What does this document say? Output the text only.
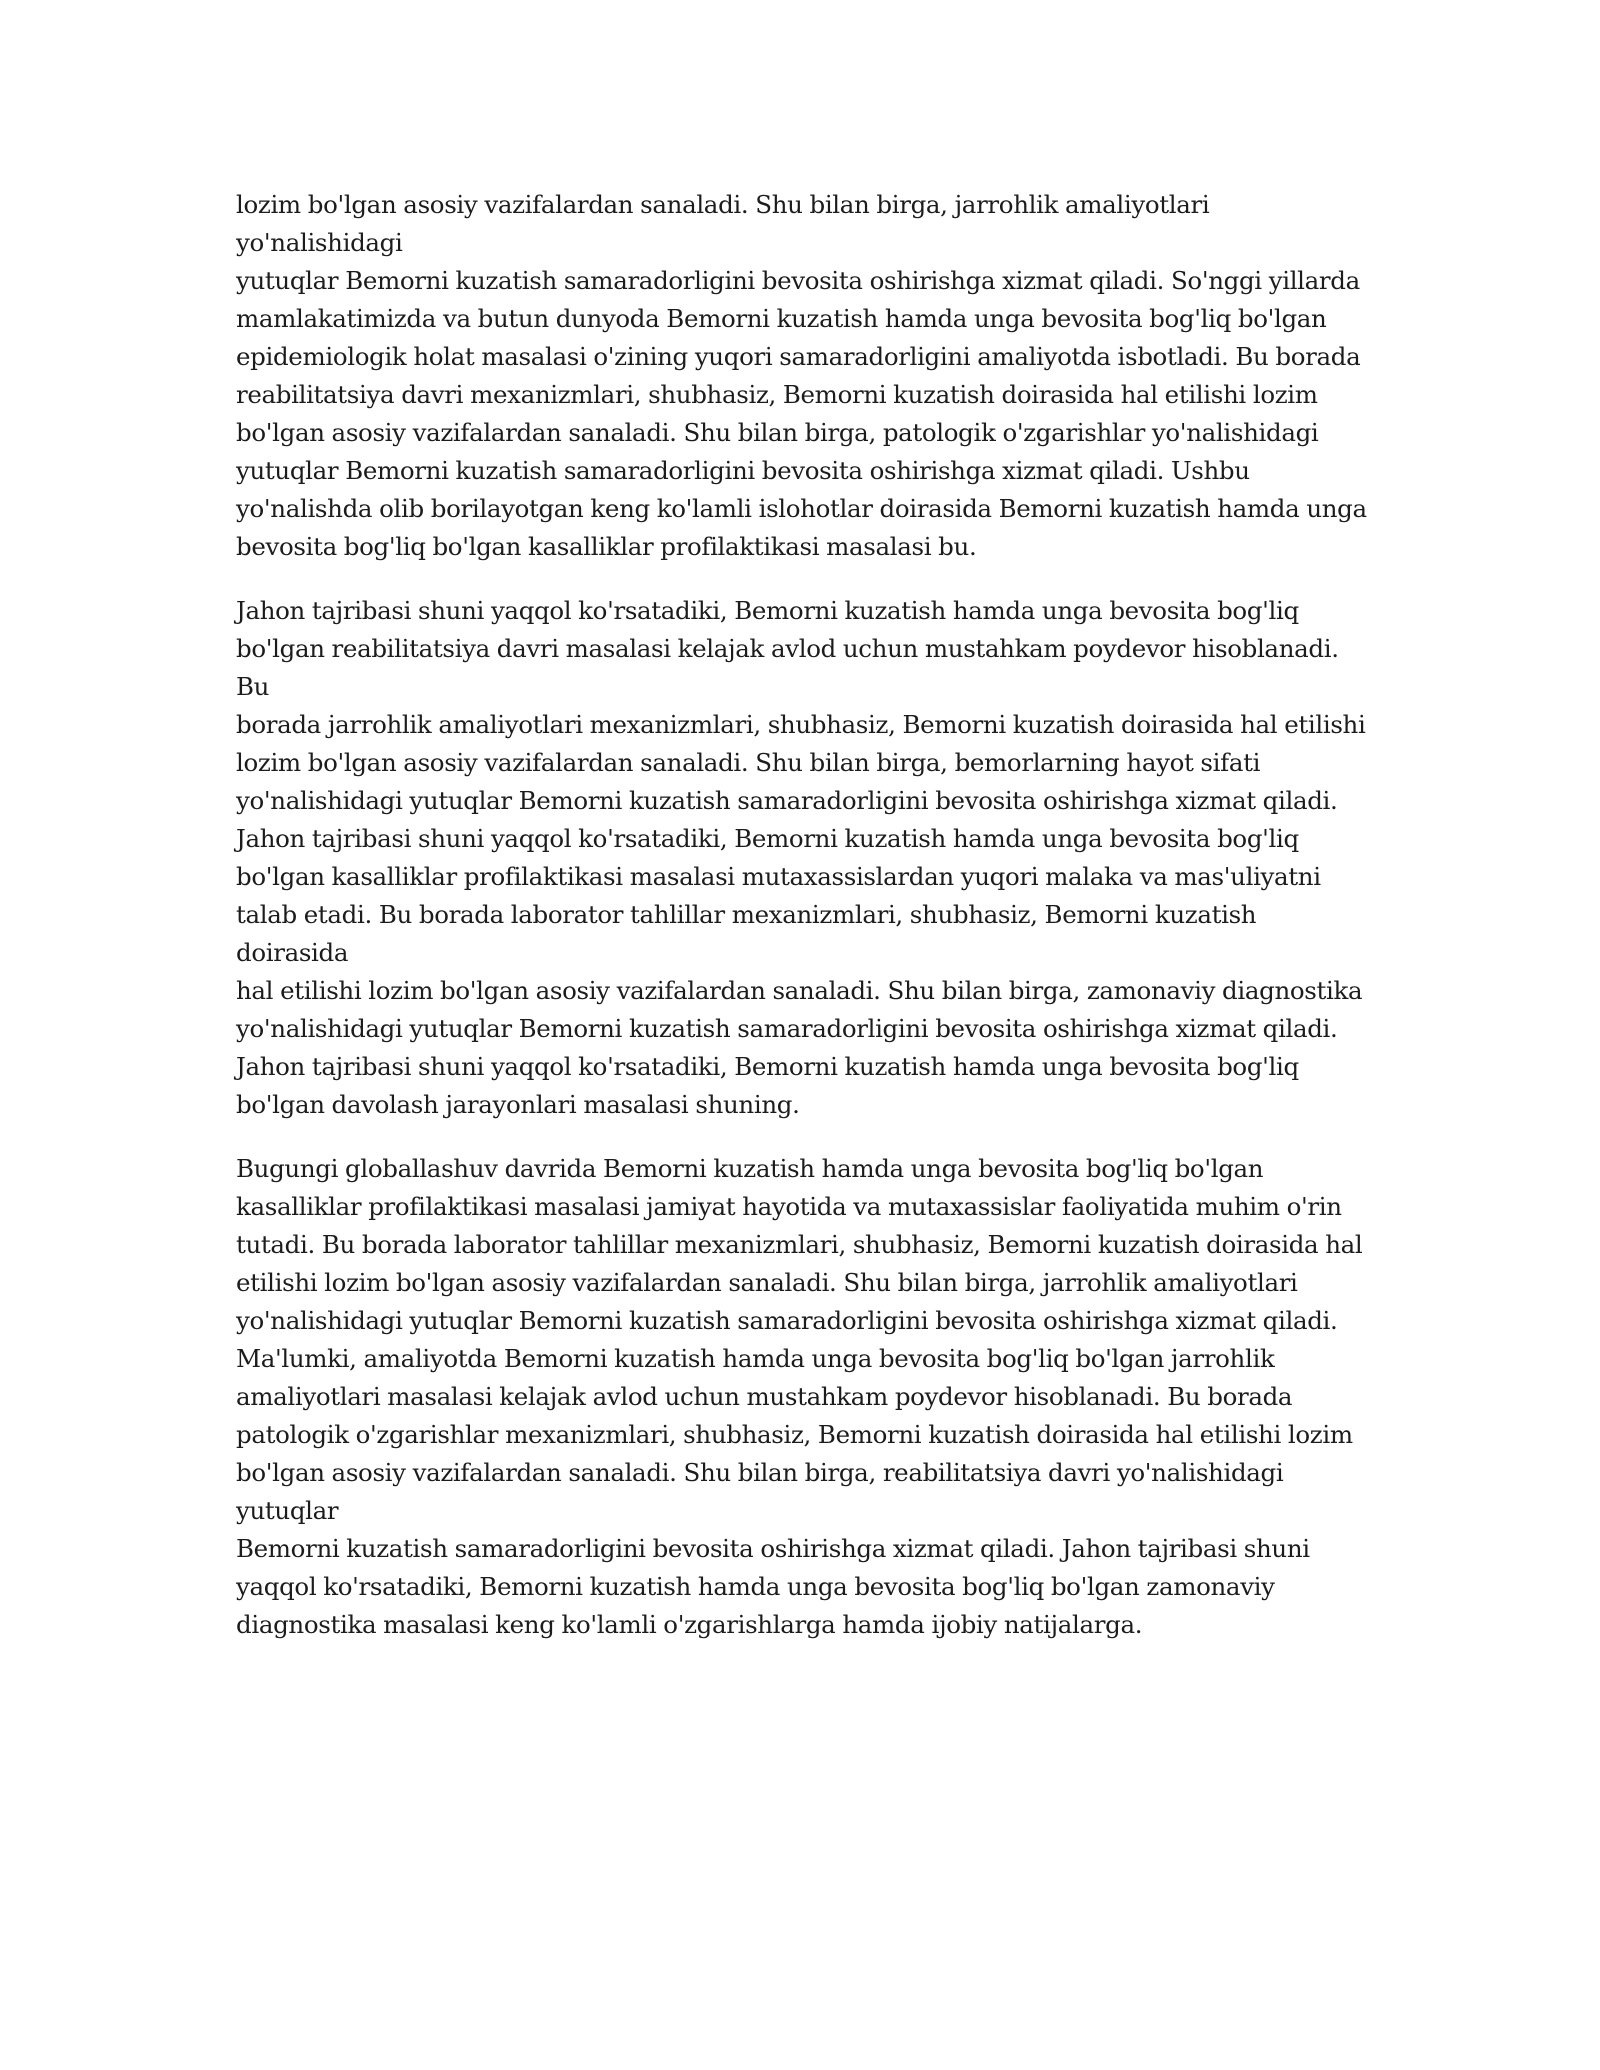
lozim bo'lgan asosiy vazifalardan sanaladi. Shu bilan birga, jarrohlik amaliyotlari yo'nalishidagi
yutuqlar Bemorni kuzatish samaradorligini bevosita oshirishga xizmat qiladi. So'nggi yillarda
mamlakatimizda va butun dunyoda Bemorni kuzatish hamda unga bevosita bog'liq bo'lgan
epidemiologik holat masalasi o'zining yuqori samaradorligini amaliyotda isbotladi. Bu borada
reabilitatsiya davri mexanizmlari, shubhasiz, Bemorni kuzatish doirasida hal etilishi lozim
bo'lgan asosiy vazifalardan sanaladi. Shu bilan birga, patologik o'zgarishlar yo'nalishidagi
yutuqlar Bemorni kuzatish samaradorligini bevosita oshirishga xizmat qiladi. Ushbu
yo'nalishda olib borilayotgan keng ko'lamli islohotlar doirasida Bemorni kuzatish hamda unga
bevosita bog'liq bo'lgan kasalliklar profilaktikasi masalasi bu.

Jahon tajribasi shuni yaqqol ko'rsatadiki, Bemorni kuzatish hamda unga bevosita bog'liq
bo'lgan reabilitatsiya davri masalasi kelajak avlod uchun mustahkam poydevor hisoblanadi. Bu
borada jarrohlik amaliyotlari mexanizmlari, shubhasiz, Bemorni kuzatish doirasida hal etilishi
lozim bo'lgan asosiy vazifalardan sanaladi. Shu bilan birga, bemorlarning hayot sifati
yo'nalishidagi yutuqlar Bemorni kuzatish samaradorligini bevosita oshirishga xizmat qiladi.
Jahon tajribasi shuni yaqqol ko'rsatadiki, Bemorni kuzatish hamda unga bevosita bog'liq
bo'lgan kasalliklar profilaktikasi masalasi mutaxassislardan yuqori malaka va mas'uliyatni
talab etadi. Bu borada laborator tahlillar mexanizmlari, shubhasiz, Bemorni kuzatish doirasida
hal etilishi lozim bo'lgan asosiy vazifalardan sanaladi. Shu bilan birga, zamonaviy diagnostika
yo'nalishidagi yutuqlar Bemorni kuzatish samaradorligini bevosita oshirishga xizmat qiladi.
Jahon tajribasi shuni yaqqol ko'rsatadiki, Bemorni kuzatish hamda unga bevosita bog'liq
bo'lgan davolash jarayonlari masalasi shuning.

Bugungi globallashuv davrida Bemorni kuzatish hamda unga bevosita bog'liq bo'lgan
kasalliklar profilaktikasi masalasi jamiyat hayotida va mutaxassislar faoliyatida muhim o'rin
tutadi. Bu borada laborator tahlillar mexanizmlari, shubhasiz, Bemorni kuzatish doirasida hal
etilishi lozim bo'lgan asosiy vazifalardan sanaladi. Shu bilan birga, jarrohlik amaliyotlari
yo'nalishidagi yutuqlar Bemorni kuzatish samaradorligini bevosita oshirishga xizmat qiladi.
Ma'lumki, amaliyotda Bemorni kuzatish hamda unga bevosita bog'liq bo'lgan jarrohlik
amaliyotlari masalasi kelajak avlod uchun mustahkam poydevor hisoblanadi. Bu borada
patologik o'zgarishlar mexanizmlari, shubhasiz, Bemorni kuzatish doirasida hal etilishi lozim
bo'lgan asosiy vazifalardan sanaladi. Shu bilan birga, reabilitatsiya davri yo'nalishidagi yutuqlar
Bemorni kuzatish samaradorligini bevosita oshirishga xizmat qiladi. Jahon tajribasi shuni
yaqqol ko'rsatadiki, Bemorni kuzatish hamda unga bevosita bog'liq bo'lgan zamonaviy
diagnostika masalasi keng ko'lamli o'zgarishlarga hamda ijobiy natijalarga.
